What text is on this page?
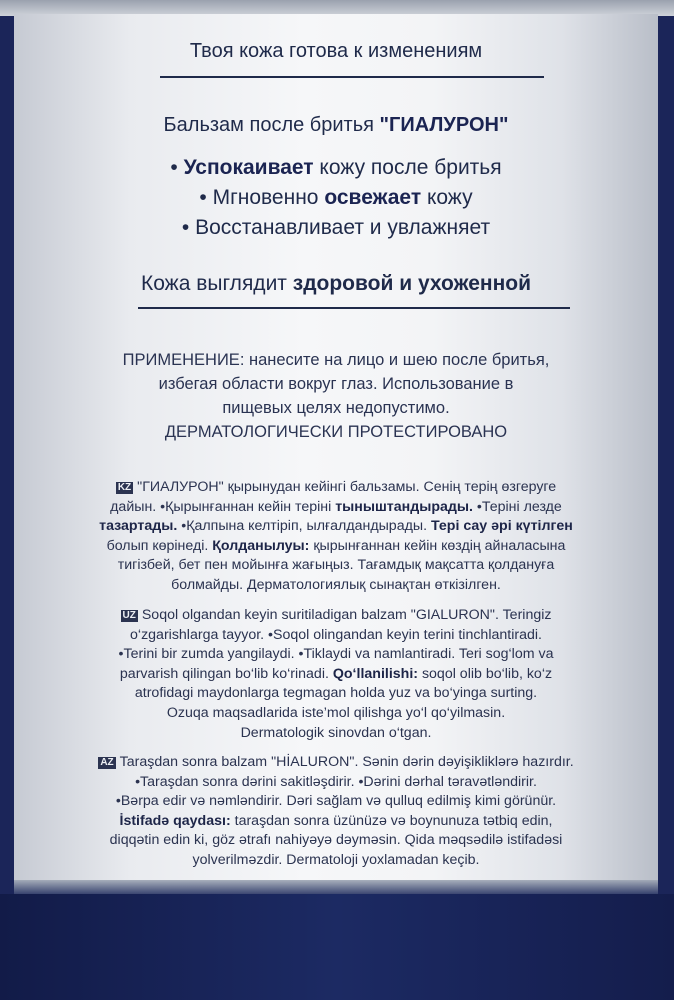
Твоя кожа готова к изменениям
Бальзам после бритья "ГИАЛУРОН"
• Успокаивает кожу после бритья
• Мгновенно освежает кожу
• Восстанавливает и увлажняет
Кожа выглядит здоровой и ухоженной
ПРИМЕНЕНИЕ: нанесите на лицо и шею после бритья,
избегая области вокруг глаз. Использование в
пищевых целях недопустимо.
ДЕРМАТОЛОГИЧЕСКИ ПРОТЕСТИРОВАНО
KZ "ГИАЛУРОН" қырынудан кейінгі бальзамы. Сенің терің өзгеруге
дайын. •Қырынғаннан кейін теріні тыныштандырады. •Теріні лезде
тазартады. •Қалпына келтіріп, ылғалдандырады. Тері сау әрі күтілген
болып көрінеді. Қолданылуы: қырынғаннан кейін көздің айналасына
тигізбей, бет пен мойынға жағыңыз. Тағамдық мақсатта қолдануға
болмайды. Дерматологиялық сынақтан өткізілген.
UZ Soqol olgandan keyin suritiladigan balzam "GIALURON". Teringiz
o‘zgarishlarga tayyor. •Soqol olingandan keyin terini tinchlantiradi.
•Terini bir zumda yangilaydi. •Tiklaydi va namlantiradi. Teri sog‘lom va
parvarish qilingan bo‘lib ko‘rinadi. Qo‘llanilishi: soqol olib bo‘lib, ko‘z
atrofidagi maydonlarga tegmagan holda yuz va bo‘yinga surting.
Ozuqa maqsadlarida iste’mol qilishga yo‘l qo‘yilmasin.
Dermatologik sinovdan o‘tgan.
AZ Taraşdan sonra balzam "HİALURON". Sənin dərin dəyişikliklərə hazırdır.
•Taraşdan sonra dərini sakitləşdirir. •Dərini dərhal təravətləndirir.
•Bərpa edir və nəmləndirir. Dəri sağlam və qulluq edilmiş kimi görünür.
İstifadə qaydası: taraşdan sonra üzünüzə və boynunuza tətbiq edin,
diqqətin edin ki, göz ətrafı nahiyəyə dəyməsin. Qida məqsədilə istifadəsi
yolverilməzdir. Dermatoloji yoxlamadan keçib.
